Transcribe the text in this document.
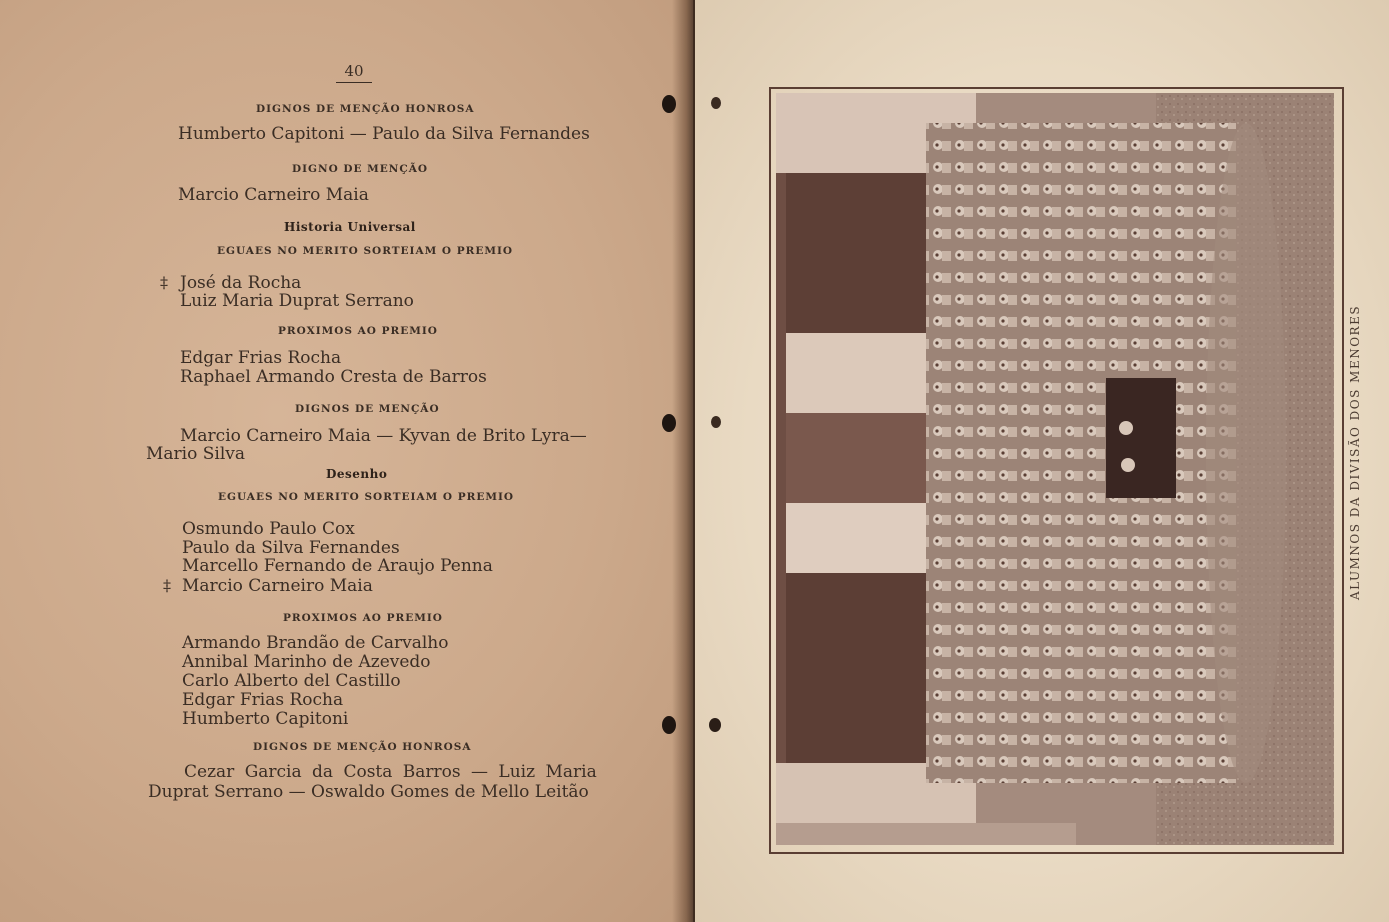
40
DIGNOS DE MENÇÃO HONROSA
Humberto Capitoni — Paulo da Silva Fernandes
DIGNO DE MENÇÃO
Marcio Carneiro Maia
Historia Universal
EGUAES NO MERITO SORTEIAM O PREMIO
‡ José da Rocha
Luiz Maria Duprat Serrano
PROXIMOS AO PREMIO
Edgar Frias Rocha
Raphael Armando Cresta de Barros
DIGNOS DE MENÇÃO
Marcio Carneiro Maia — Kyvan de Brito Lyra—
Mario Silva
Desenho
EGUAES NO MERITO SORTEIAM O PREMIO
Osmundo Paulo Cox
Paulo da Silva Fernandes
Marcello Fernando de Araujo Penna
‡ Marcio Carneiro Maia
PROXIMOS AO PREMIO
Armando Brandão de Carvalho
Annibal Marinho de Azevedo
Carlo Alberto del Castillo
Edgar Frias Rocha
Humberto Capitoni
DIGNOS DE MENÇÃO HONROSA
Cezar Garcia da Costa Barros — Luiz Maria
Duprat Serrano — Oswaldo Gomes de Mello Leitão
ALUMNOS DA DIVISÃO DOS MENORES
